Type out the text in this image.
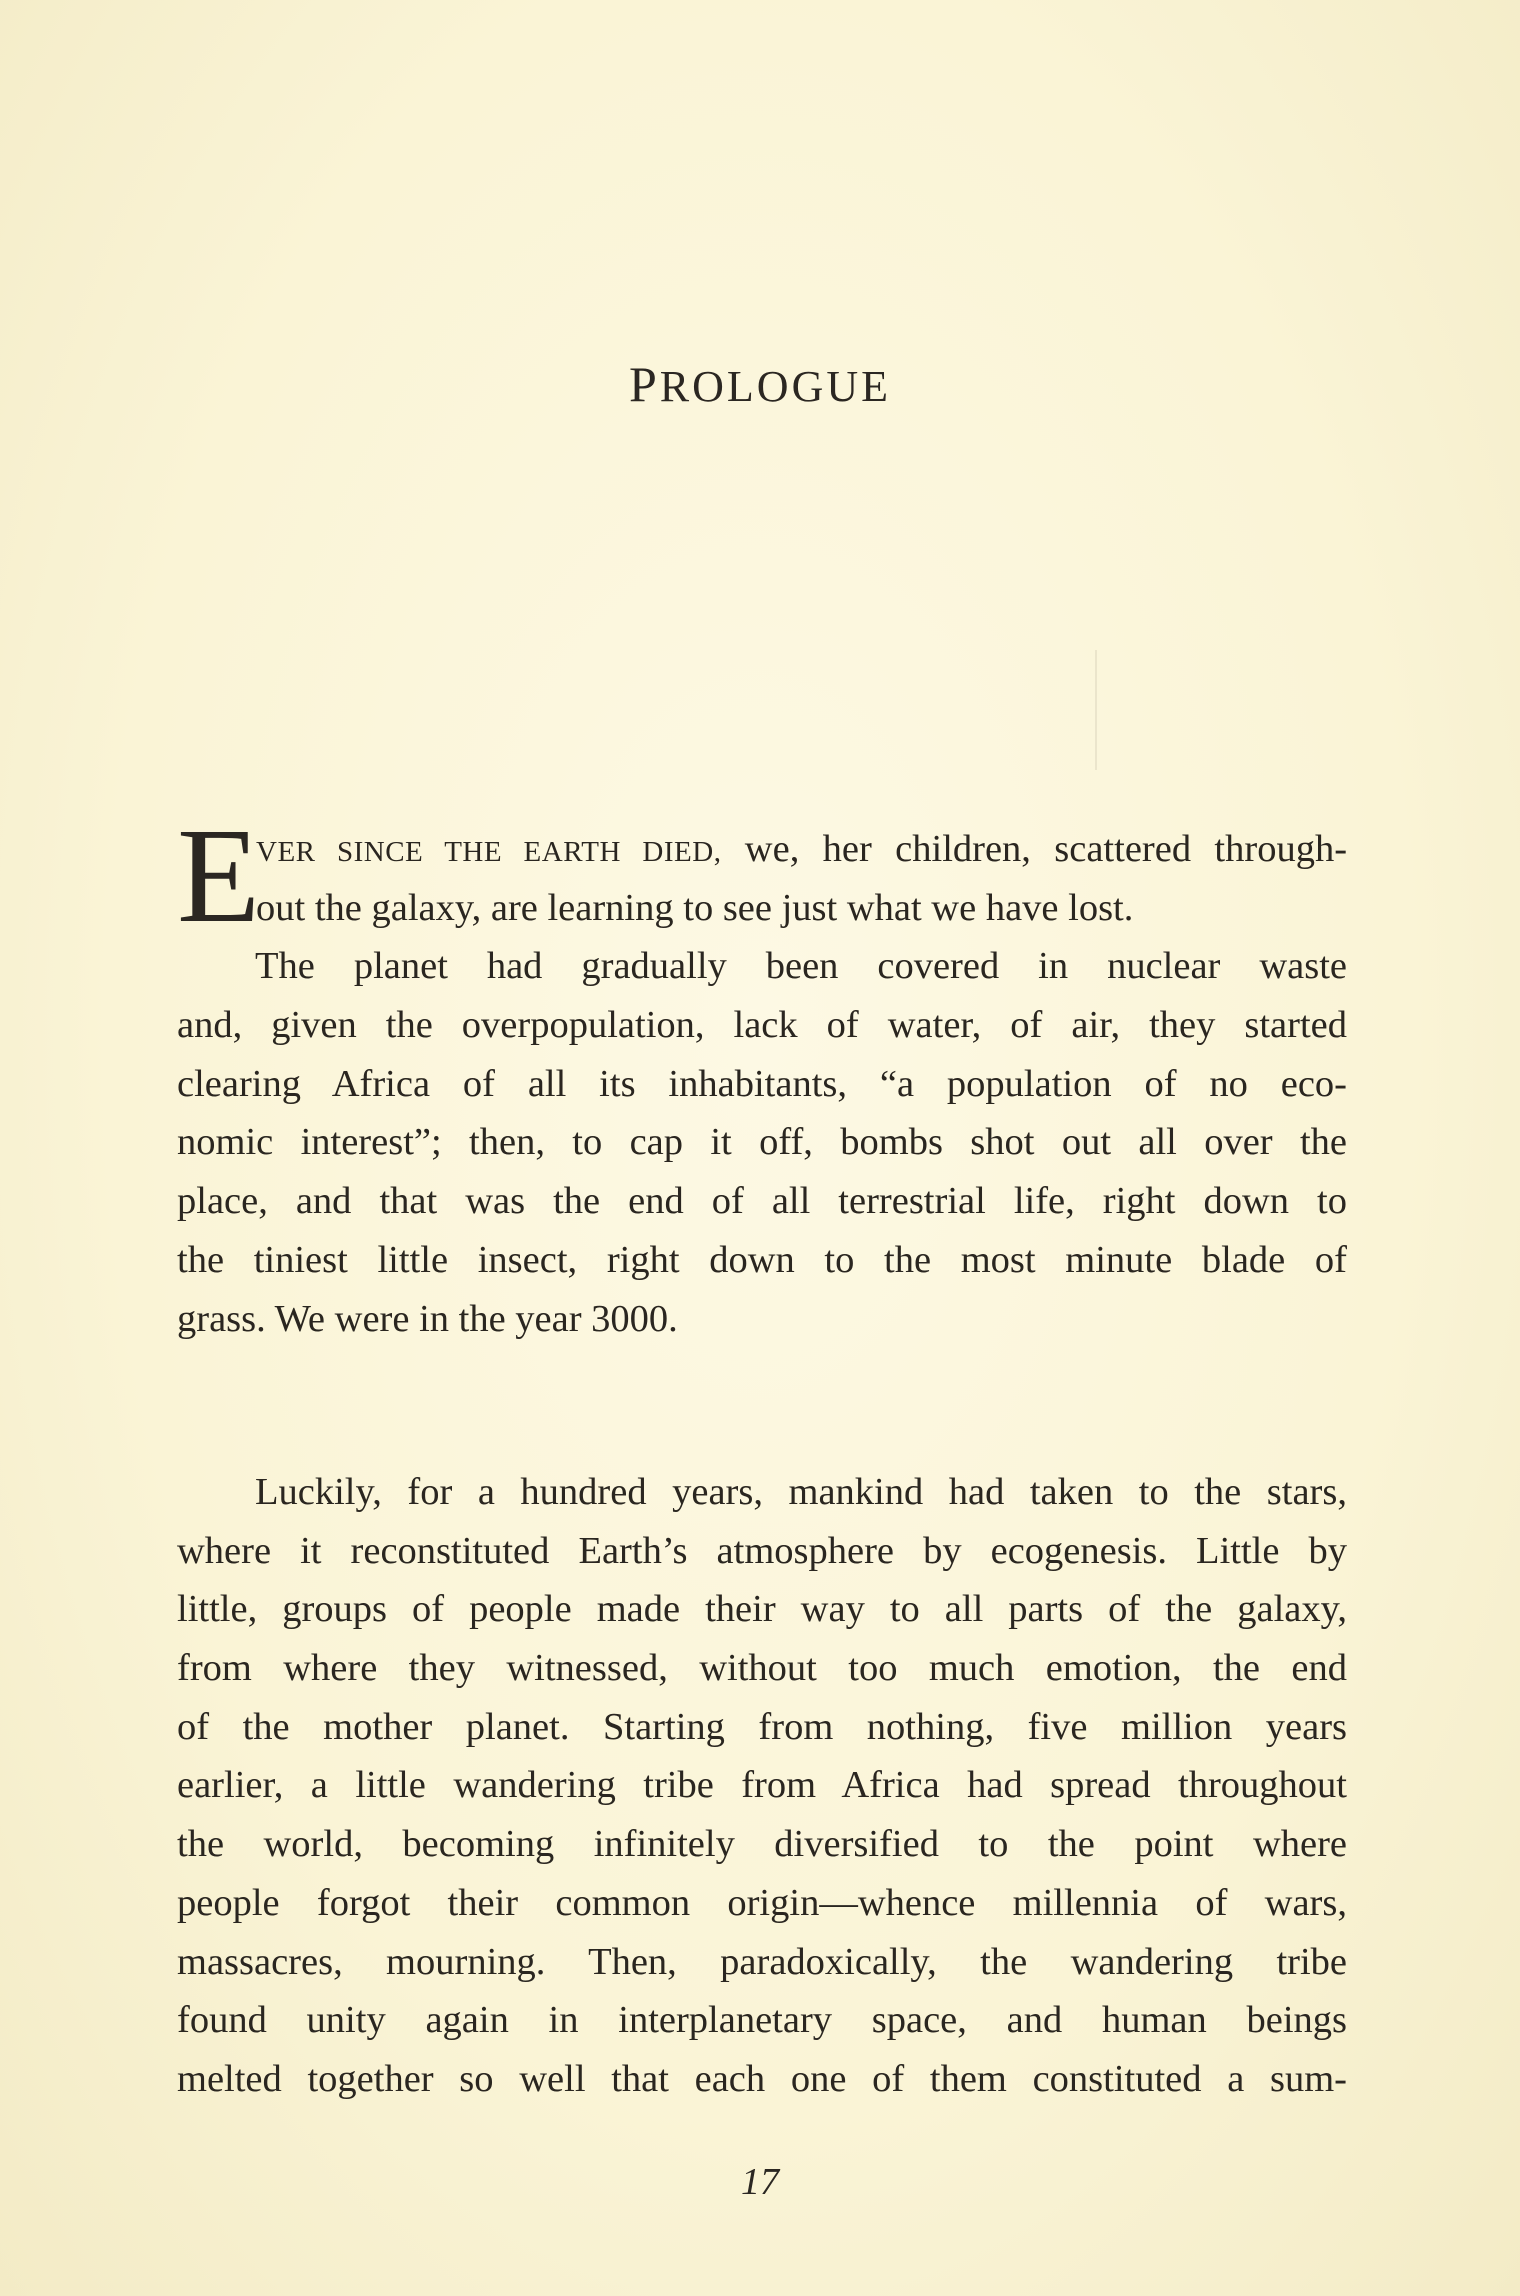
PROLOGUE
E
VER SINCE THE EARTH DIED, we, her children, scattered through-
out the galaxy, are learning to see just what we have lost.
The planet had gradually been covered in nuclear waste
and, given the overpopulation, lack of water, of air, they started
clearing Africa of all its inhabitants, “a population of no eco-
nomic interest”; then, to cap it off, bombs shot out all over the
place, and that was the end of all terrestrial life, right down to
the tiniest little insect, right down to the most minute blade of
grass. We were in the year 3000.
Luckily, for a hundred years, mankind had taken to the stars,
where it reconstituted Earth’s atmosphere by ecogenesis. Little by
little, groups of people made their way to all parts of the galaxy,
from where they witnessed, without too much emotion, the end
of the mother planet. Starting from nothing, five million years
earlier, a little wandering tribe from Africa had spread throughout
the world, becoming infinitely diversified to the point where
people forgot their common origin—whence millennia of wars,
massacres, mourning. Then, paradoxically, the wandering tribe
found unity again in interplanetary space, and human beings
melted together so well that each one of them constituted a sum-
17
